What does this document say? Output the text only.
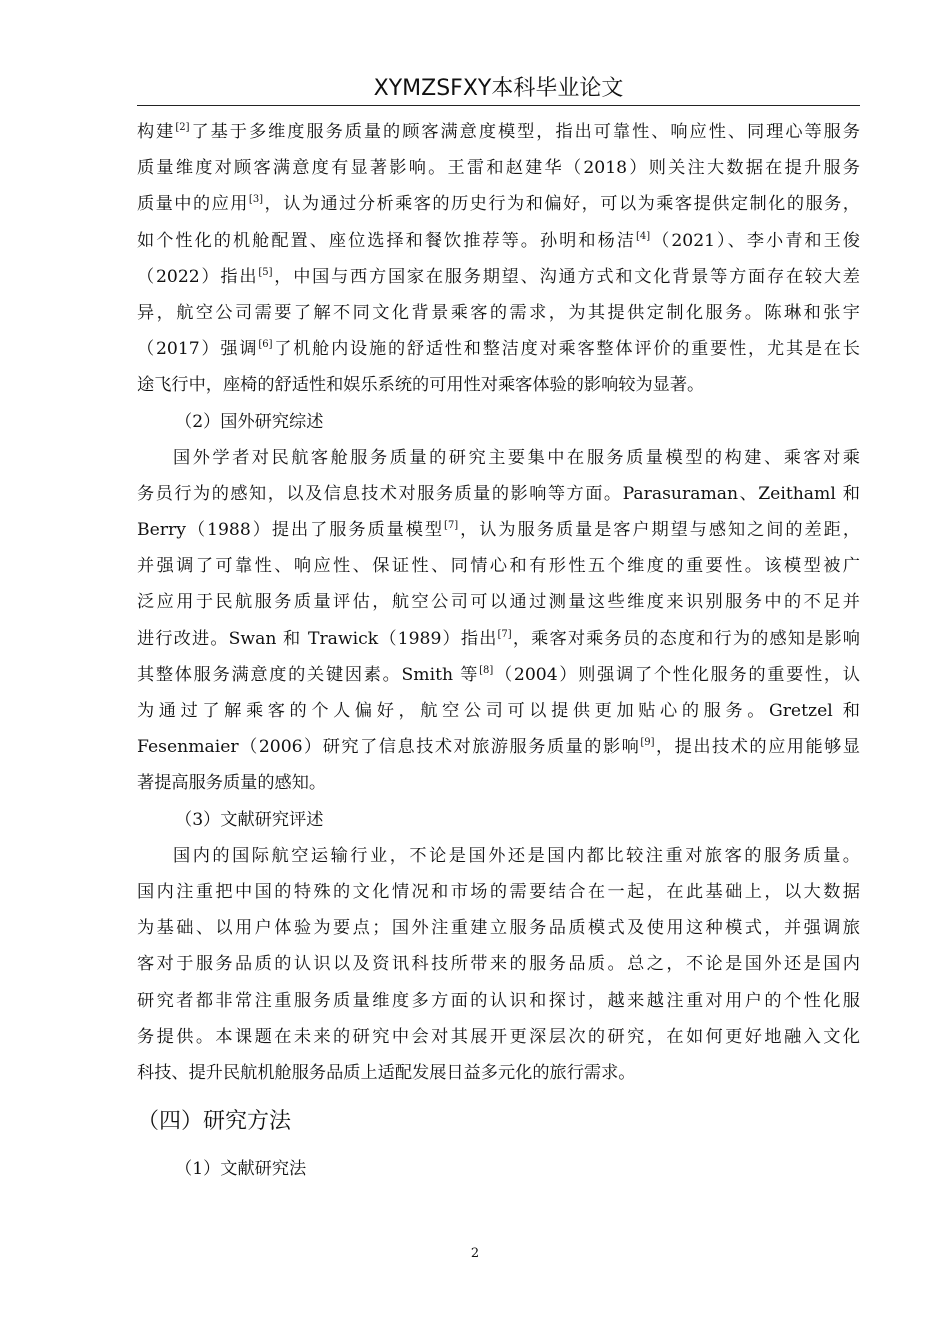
XYMZSFXY本科毕业论文
构建[2]了基于多维度服务质量的顾客满意度模型，指出可靠性、响应性、同理心等服务
质量维度对顾客满意度有显著影响。王雷和赵建华（2018）则关注大数据在提升服务
质量中的应用[3]，认为通过分析乘客的历史行为和偏好，可以为乘客提供定制化的服务，
如个性化的机舱配置、座位选择和餐饮推荐等。孙明和杨洁[4]（2021）、李小青和王俊
（2022）指出[5]，中国与西方国家在服务期望、沟通方式和文化背景等方面存在较大差
异，航空公司需要了解不同文化背景乘客的需求，为其提供定制化服务。陈琳和张宇
（2017）强调[6]了机舱内设施的舒适性和整洁度对乘客整体评价的重要性，尤其是在长
途飞行中，座椅的舒适性和娱乐系统的可用性对乘客体验的影响较为显著。
（2）国外研究综述
国外学者对民航客舱服务质量的研究主要集中在服务质量模型的构建、乘客对乘
务员行为的感知，以及信息技术对服务质量的影响等方面。Parasuraman、Zeithaml 和
Berry（1988）提出了服务质量模型[7]，认为服务质量是客户期望与感知之间的差距，
并强调了可靠性、响应性、保证性、同情心和有形性五个维度的重要性。该模型被广
泛应用于民航服务质量评估，航空公司可以通过测量这些维度来识别服务中的不足并
进行改进。Swan 和 Trawick（1989）指出[7]，乘客对乘务员的态度和行为的感知是影响
其整体服务满意度的关键因素。Smith 等[8]（2004）则强调了个性化服务的重要性，认
为通过了解乘客的个人偏好，航空公司可以提供更加贴心的服务。Gretzel 和
Fesenmaier（2006）研究了信息技术对旅游服务质量的影响[9]，提出技术的应用能够显
著提高服务质量的感知。
（3）文献研究评述
国内的国际航空运输行业，不论是国外还是国内都比较注重对旅客的服务质量。
国内注重把中国的特殊的文化情况和市场的需要结合在一起，在此基础上，以大数据
为基础、以用户体验为要点；国外注重建立服务品质模式及使用这种模式，并强调旅
客对于服务品质的认识以及资讯科技所带来的服务品质。总之，不论是国外还是国内
研究者都非常注重服务质量维度多方面的认识和探讨，越来越注重对用户的个性化服
务提供。本课题在未来的研究中会对其展开更深层次的研究，在如何更好地融入文化
科技、提升民航机舱服务品质上适配发展日益多元化的旅行需求。
（四）研究方法
（1）文献研究法
2
